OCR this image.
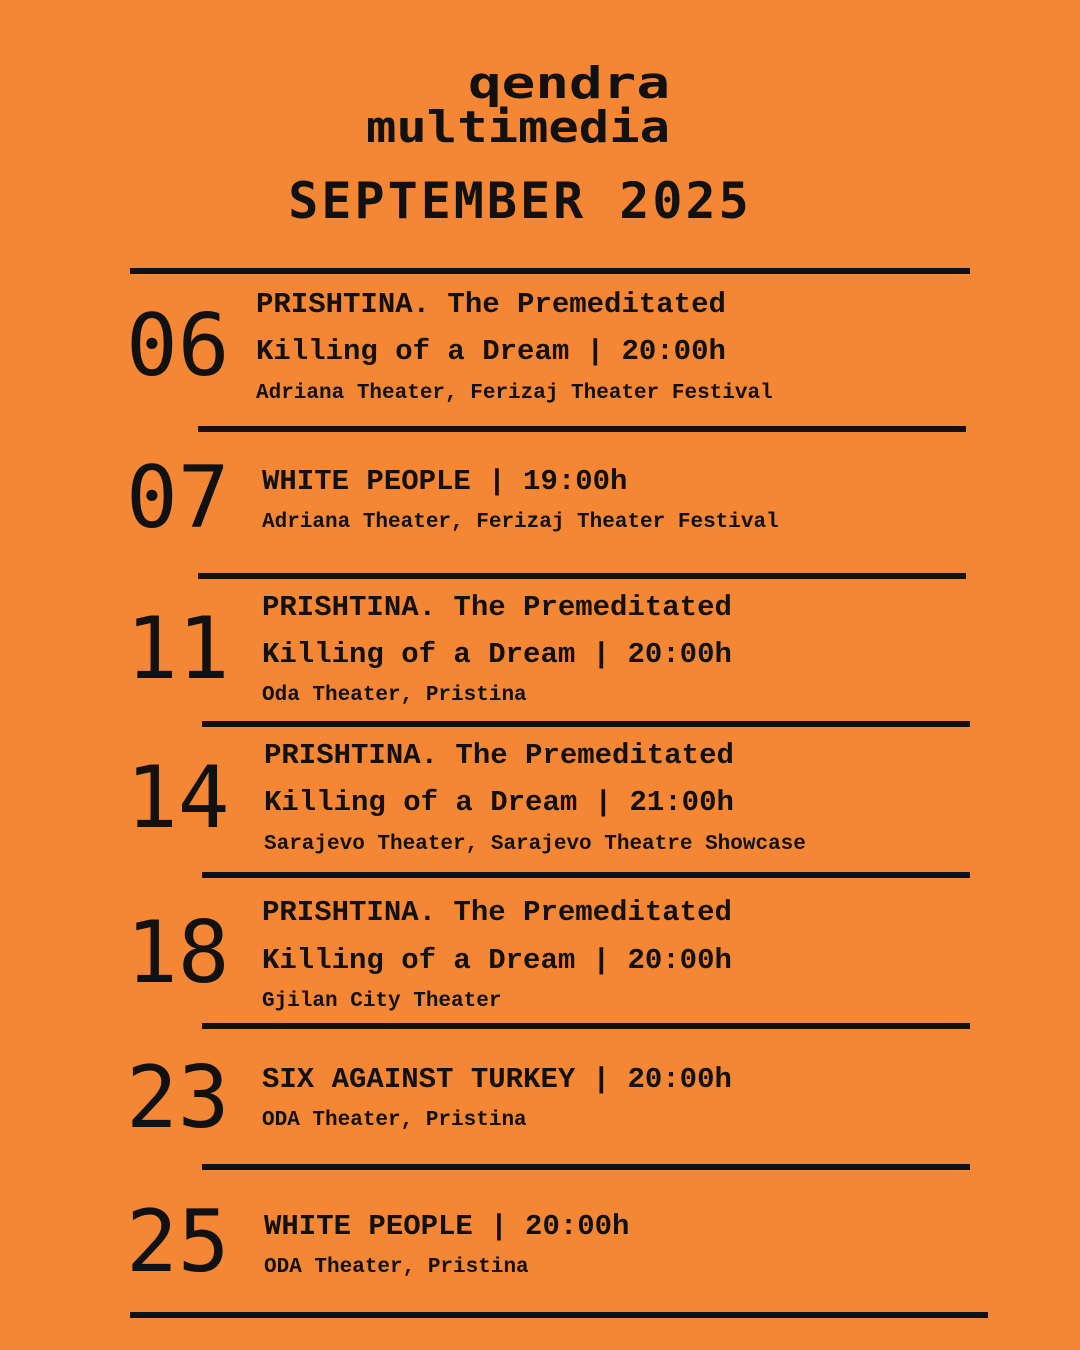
qendra
multimedia
SEPTEMBER 2025
06 PRISHTINA. The Premeditated
Killing of a Dream | 20:00h
Adriana Theater, Ferizaj Theater Festival
07	WHITE PEOPLE | 19:00h
Adriana Theater, Ferizaj Theater Festival
11	PRISHTINA. The Premeditated
Killing of a Dream | 20:00h
Oda Theater, Pristina
14	PRISHTINA. The Premeditated
Killing of a Dream | 21:00h
Sarajevo Theater, Sarajevo Theatre Showcase
18	PRISHTINA. The Premeditated
Killing of a Dream | 20:00h
Gjilan City Theater
23	SIX AGAINST TURKEY | 20:00h
ODA Theater, Pristina
25	WHITE PEOPLE | 20:00h
ODA Theater, Pristina
